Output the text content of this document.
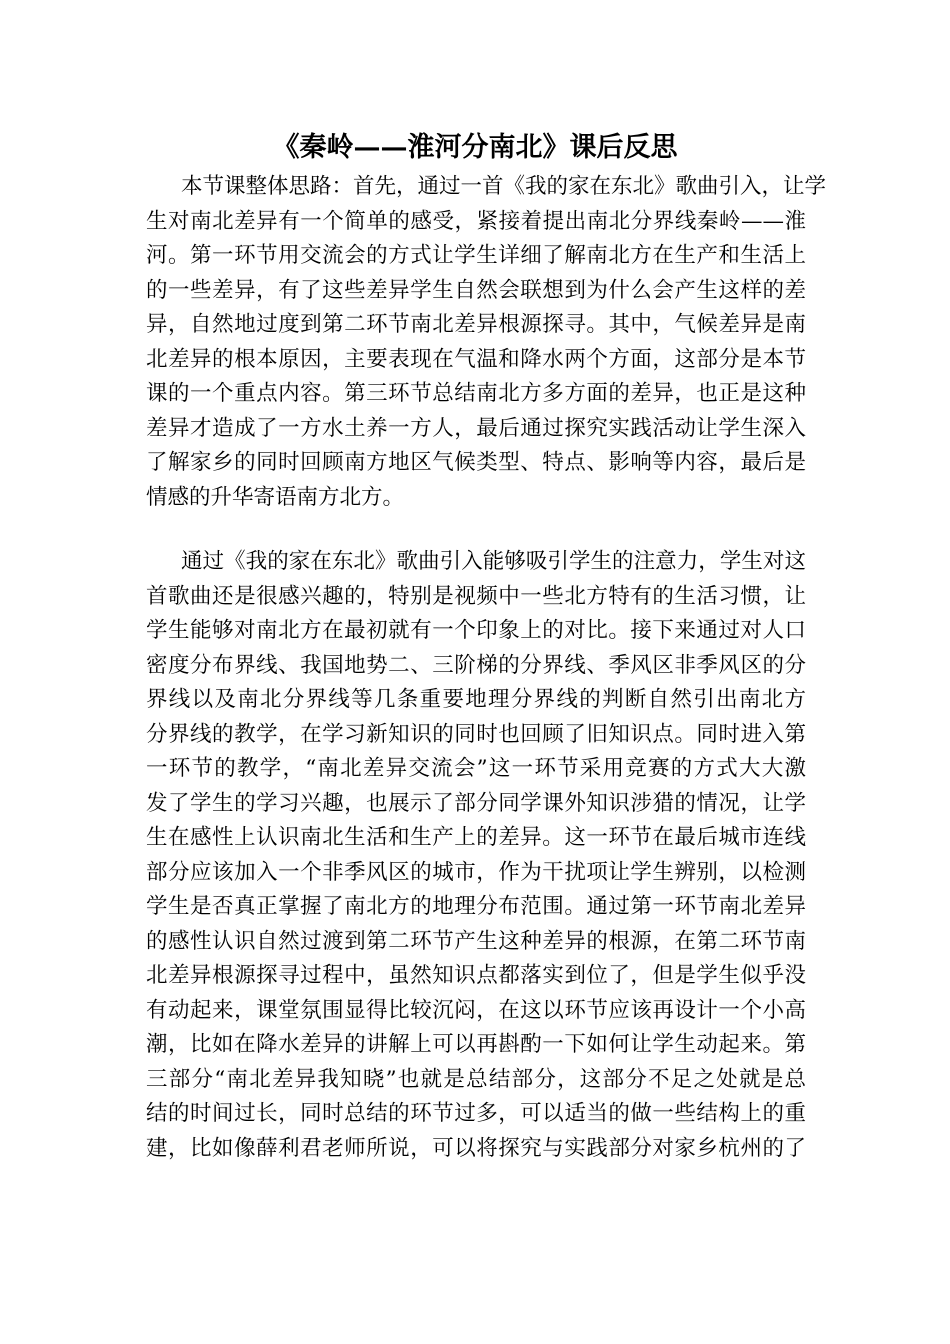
《秦岭——淮河分南北》课后反思
本节课整体思路：首先，通过一首《我的家在东北》歌曲引入，让学
生对南北差异有一个简单的感受，紧接着提出南北分界线秦岭——淮
河。第一环节用交流会的方式让学生详细了解南北方在生产和生活上
的一些差异，有了这些差异学生自然会联想到为什么会产生这样的差
异，自然地过度到第二环节南北差异根源探寻。其中，气候差异是南
北差异的根本原因，主要表现在气温和降水两个方面，这部分是本节
课的一个重点内容。第三环节总结南北方多方面的差异，也正是这种
差异才造成了一方水土养一方人，最后通过探究实践活动让学生深入
了解家乡的同时回顾南方地区气候类型、特点、影响等内容，最后是
情感的升华寄语南方北方。
通过《我的家在东北》歌曲引入能够吸引学生的注意力，学生对这
首歌曲还是很感兴趣的，特别是视频中一些北方特有的生活习惯，让
学生能够对南北方在最初就有一个印象上的对比。接下来通过对人口
密度分布界线、我国地势二、三阶梯的分界线、季风区非季风区的分
界线以及南北分界线等几条重要地理分界线的判断自然引出南北方
分界线的教学，在学习新知识的同时也回顾了旧知识点。同时进入第
一环节的教学，“南北差异交流会”这一环节采用竞赛的方式大大激
发了学生的学习兴趣，也展示了部分同学课外知识涉猎的情况，让学
生在感性上认识南北生活和生产上的差异。这一环节在最后城市连线
部分应该加入一个非季风区的城市，作为干扰项让学生辨别，以检测
学生是否真正掌握了南北方的地理分布范围。通过第一环节南北差异
的感性认识自然过渡到第二环节产生这种差异的根源，在第二环节南
北差异根源探寻过程中，虽然知识点都落实到位了，但是学生似乎没
有动起来，课堂氛围显得比较沉闷，在这以环节应该再设计一个小高
潮，比如在降水差异的讲解上可以再斟酌一下如何让学生动起来。第
三部分“南北差异我知晓”也就是总结部分，这部分不足之处就是总
结的时间过长，同时总结的环节过多，可以适当的做一些结构上的重
建，比如像薛利君老师所说，可以将探究与实践部分对家乡杭州的了
